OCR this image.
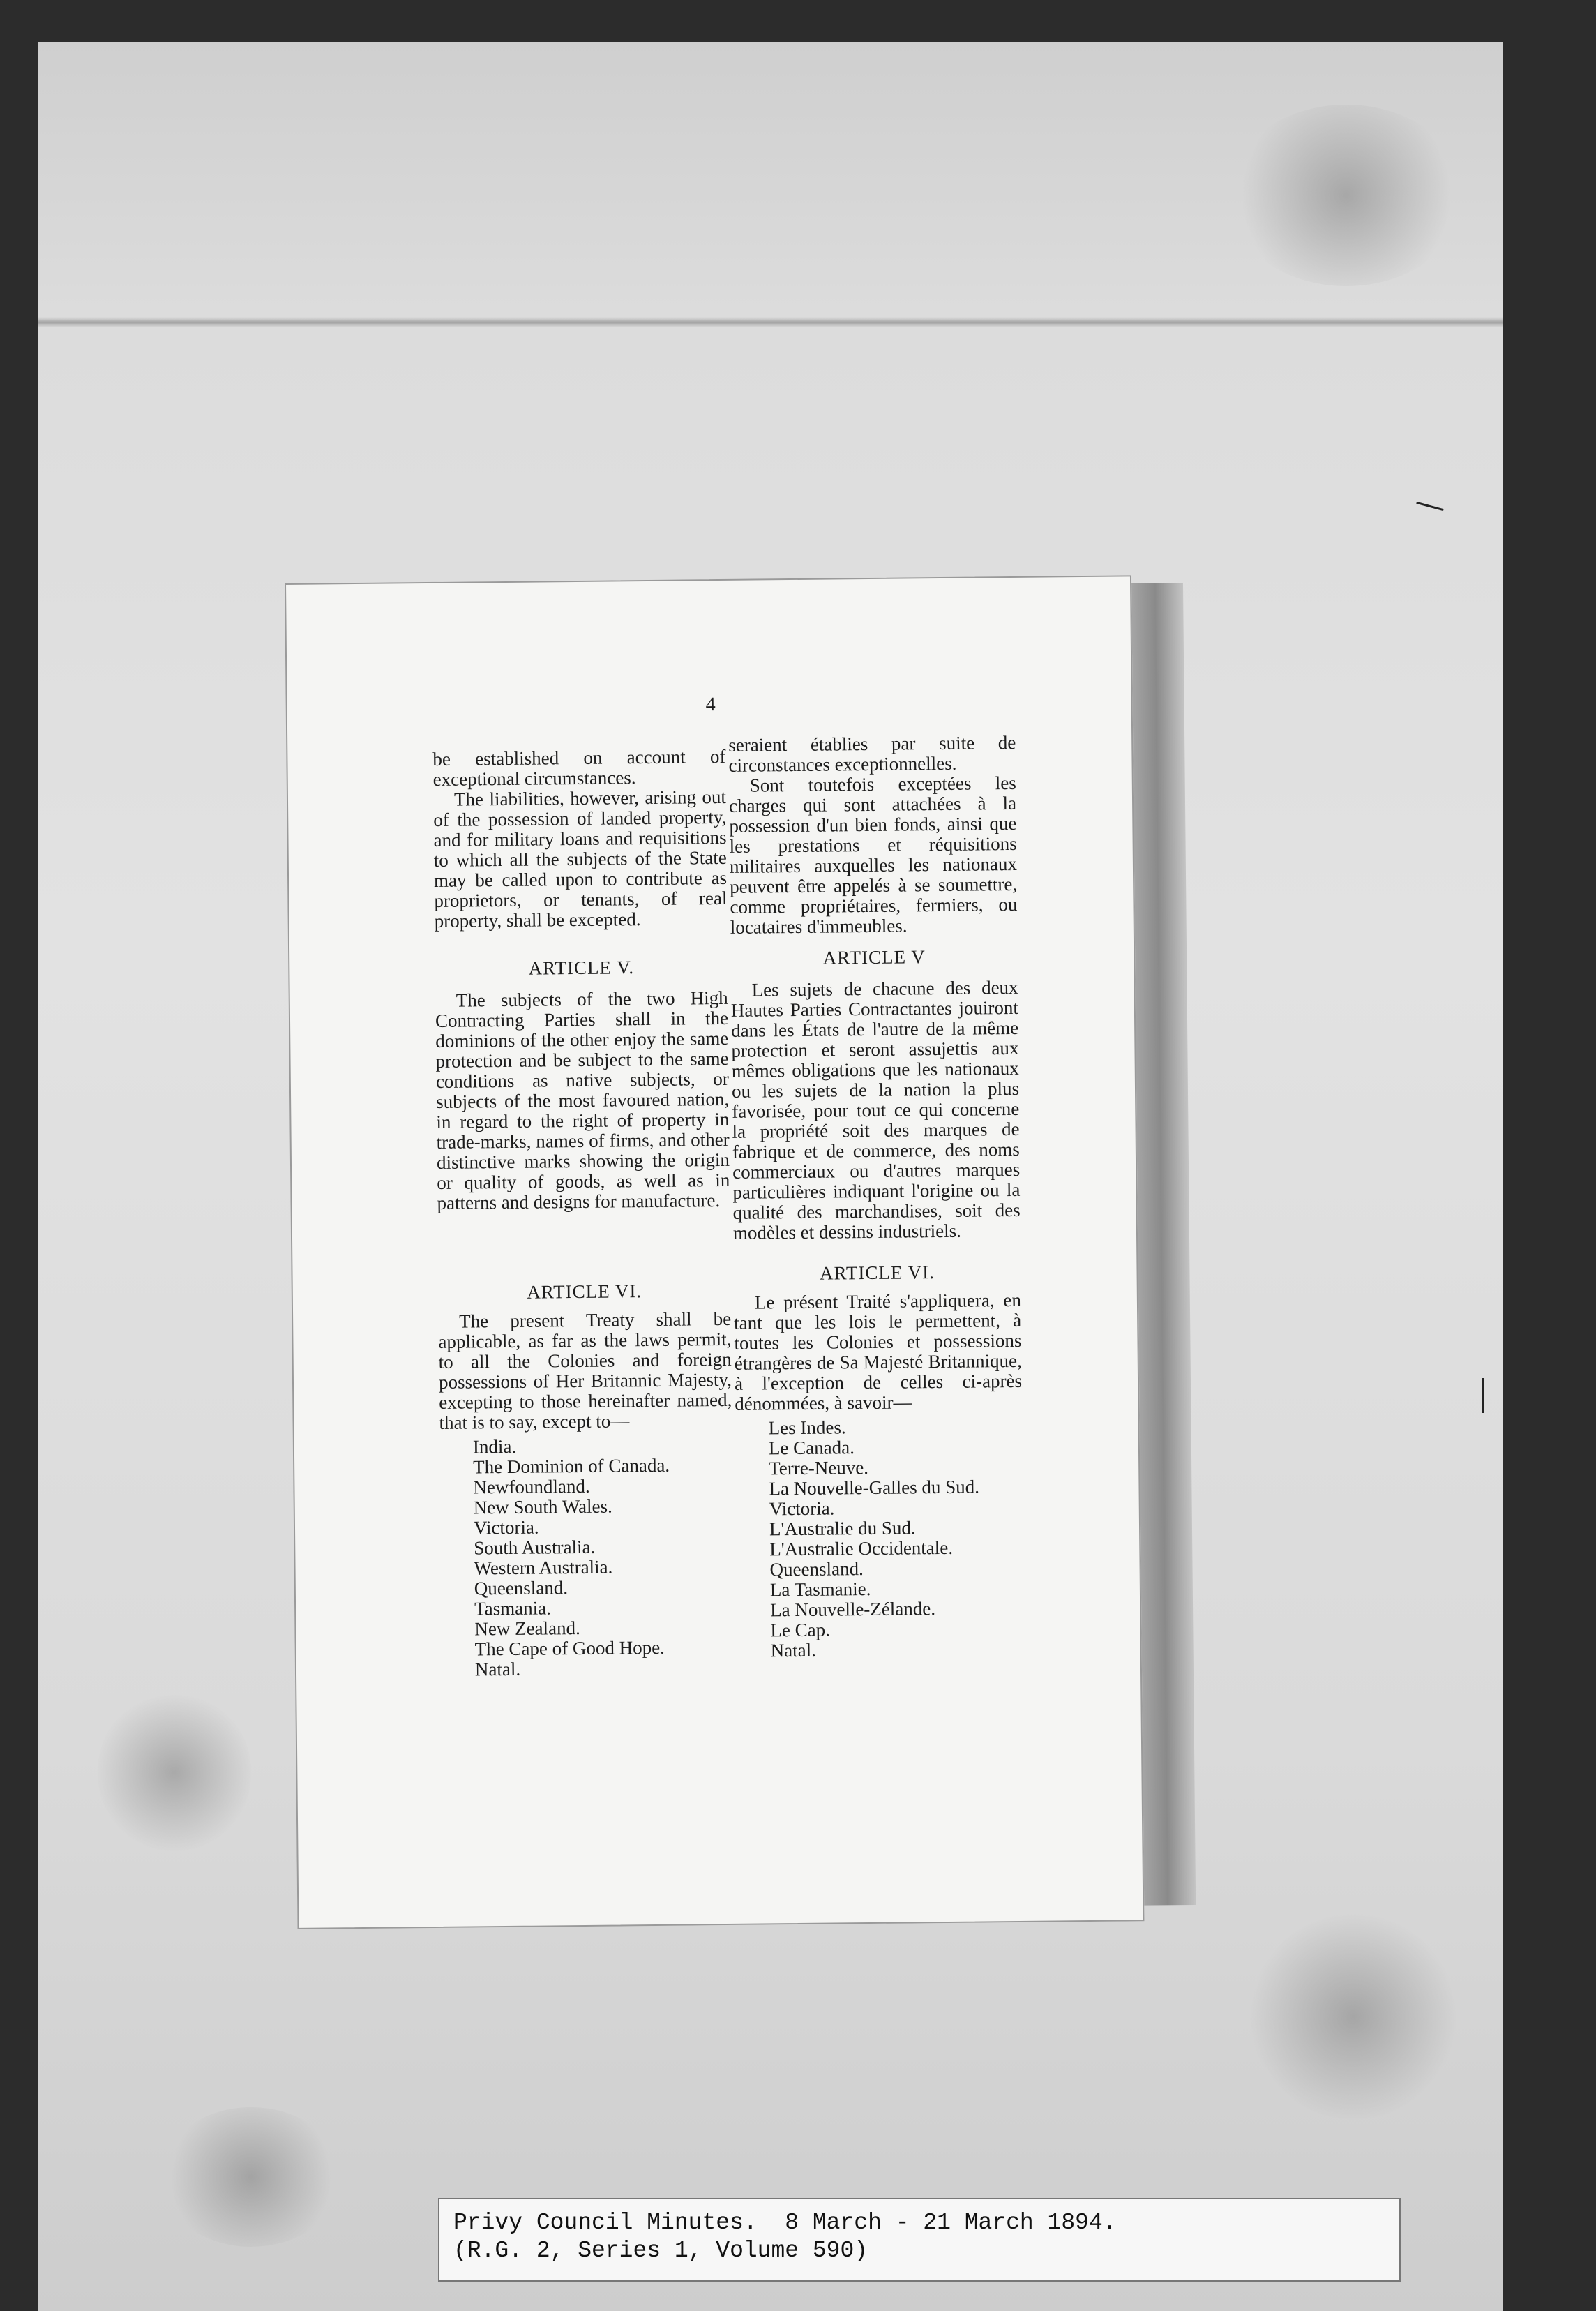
4

be established on account of exceptional circumstances.

The liabilities, however, arising out of the possession of landed property, and for military loans and requisitions to which all the subjects of the State may be called upon to contribute as proprietors, or tenants, of real property, shall be excepted.

ARTICLE V.

The subjects of the two High Contracting Parties shall in the dominions of the other enjoy the same protection and be subject to the same conditions as native subjects, or subjects of the most favoured nation, in regard to the right of property in trade-marks, names of firms, and other distinctive marks showing the origin or quality of goods, as well as in patterns and designs for manufacture.

ARTICLE VI.

The present Treaty shall be applicable, as far as the laws permit, to all the Colonies and foreign possessions of Her Britannic Majesty, excepting to those hereinafter named, that is to say, except to—

India.
The Dominion of Canada.
Newfoundland.
New South Wales.
Victoria.
South Australia.
Western Australia.
Queensland.
Tasmania.
New Zealand.
The Cape of Good Hope.
Natal.

seraient établies par suite de circonstances exceptionnelles.

Sont toutefois exceptées les charges qui sont attachées à la possession d'un bien fonds, ainsi que les prestations et réquisitions militaires auxquelles les nationaux peuvent être appelés à se soumettre, comme propriétaires, fermiers, ou locataires d'immeubles.

ARTICLE V

Les sujets de chacune des deux Hautes Parties Contractantes jouiront dans les États de l'autre de la même protection et seront assujettis aux mêmes obligations que les nationaux ou les sujets de la nation la plus favorisée, pour tout ce qui concerne la propriété soit des marques de fabrique et de commerce, des noms commerciaux ou d'autres marques particulières indiquant l'origine ou la qualité des marchandises, soit des modèles et dessins industriels.

ARTICLE VI.

Le présent Traité s'appliquera, en tant que les lois le permettent, à toutes les Colonies et possessions étrangères de Sa Majesté Britannique, à l'exception de celles ci-après dénommées, à savoir—

Les Indes.
Le Canada.
Terre-Neuve.
La Nouvelle-Galles du Sud.
Victoria.
L'Australie du Sud.
L'Australie Occidentale.
Queensland.
La Tasmanie.
La Nouvelle-Zélande.
Le Cap.
Natal.
Privy Council Minutes.  8 March - 21 March 1894.
(R.G. 2, Series 1, Volume 590)
